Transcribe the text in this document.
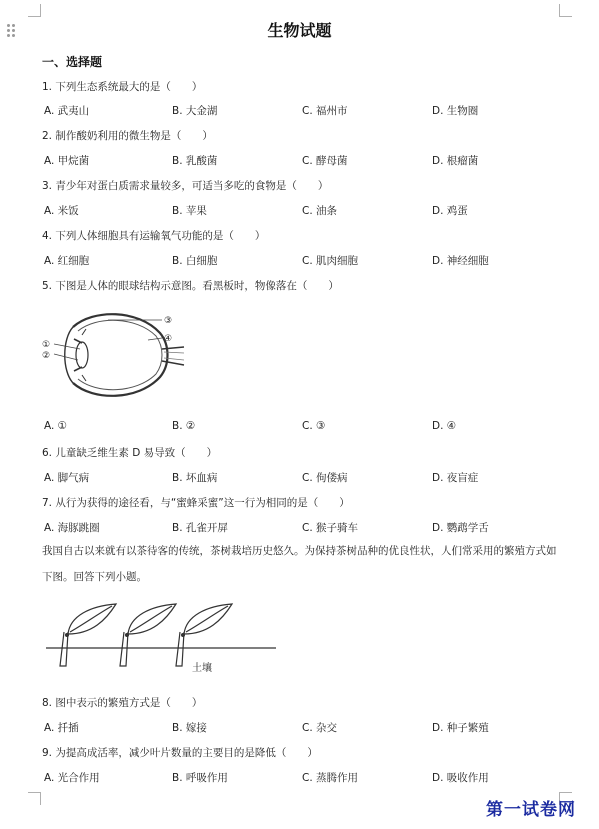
生物试题
一、选择题
1. 下列生态系统最大的是（　　）
A. 武夷山	B. 大金湖	C. 福州市	D. 生物圈
2. 制作酸奶利用的微生物是（　　）
A. 甲烷菌	B. 乳酸菌	C. 酵母菌	D. 根瘤菌
3. 青少年对蛋白质需求量较多，可适当多吃的食物是（　　）
A. 米饭	B. 苹果	C. 油条	D. 鸡蛋
4. 下列人体细胞具有运输氧气功能的是（　　）
A. 红细胞	B. 白细胞	C. 肌肉细胞	D. 神经细胞
5. 下图是人体的眼球结构示意图。看黑板时，物像落在（　　）
①
②
③
④
A. ①	B. ②	C. ③	D. ④
6. 儿童缺乏维生素 D 易导致（　　）
A. 脚气病	B. 坏血病	C. 佝偻病	D. 夜盲症
7. 从行为获得的途径看，与“蜜蜂采蜜”这一行为相同的是（　　）
A. 海豚跳圈	B. 孔雀开屏	C. 猴子骑车	D. 鹦鹉学舌
我国自古以来就有以茶待客的传统，茶树栽培历史悠久。为保持茶树品种的优良性状，人们常采用的繁殖方式如下图。回答下列小题。
土壤
8. 图中表示的繁殖方式是（　　）
A. 扦插	B. 嫁接	C. 杂交	D. 种子繁殖
9. 为提高成活率，减少叶片数量的主要目的是降低（　　）
A. 光合作用	B. 呼吸作用	C. 蒸腾作用	D. 吸收作用
第一试卷网
